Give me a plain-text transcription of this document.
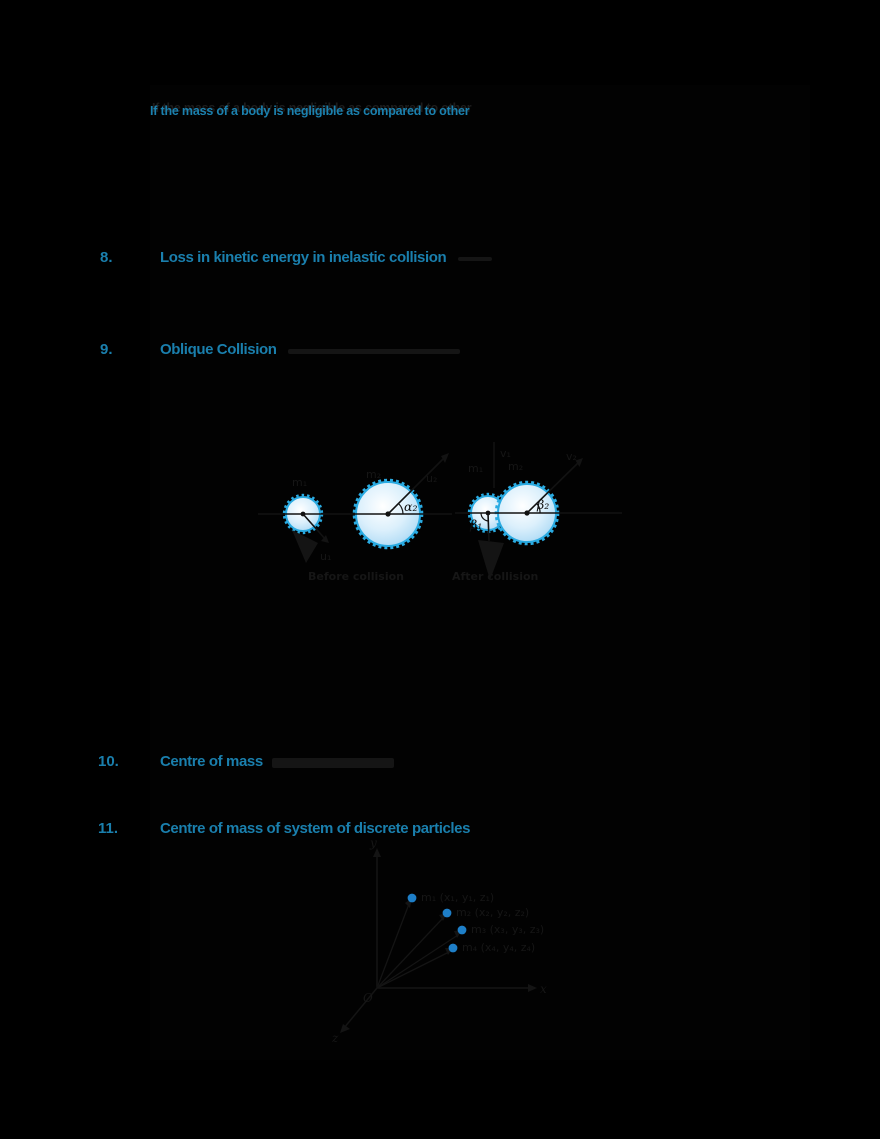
If the mass of a body is negligible as compared to other
8.	Loss in kinetic energy in inelastic collision
9.	Oblique Collision
10.	Centre of mass
11.	Centre of mass of system of discrete particles
α₂
β₁
β₂
m₁
m₂	m₁ m₂
u₁
u₂
v₁	v₂
Before collision	After collision
y
x
z
O
m₁ (x₁, y₁, z₁)
m₂ (x₂, y₂, z₂)
m₃ (x₃, y₃, z₃)
m₄ (x₄, y₄, z₄)
